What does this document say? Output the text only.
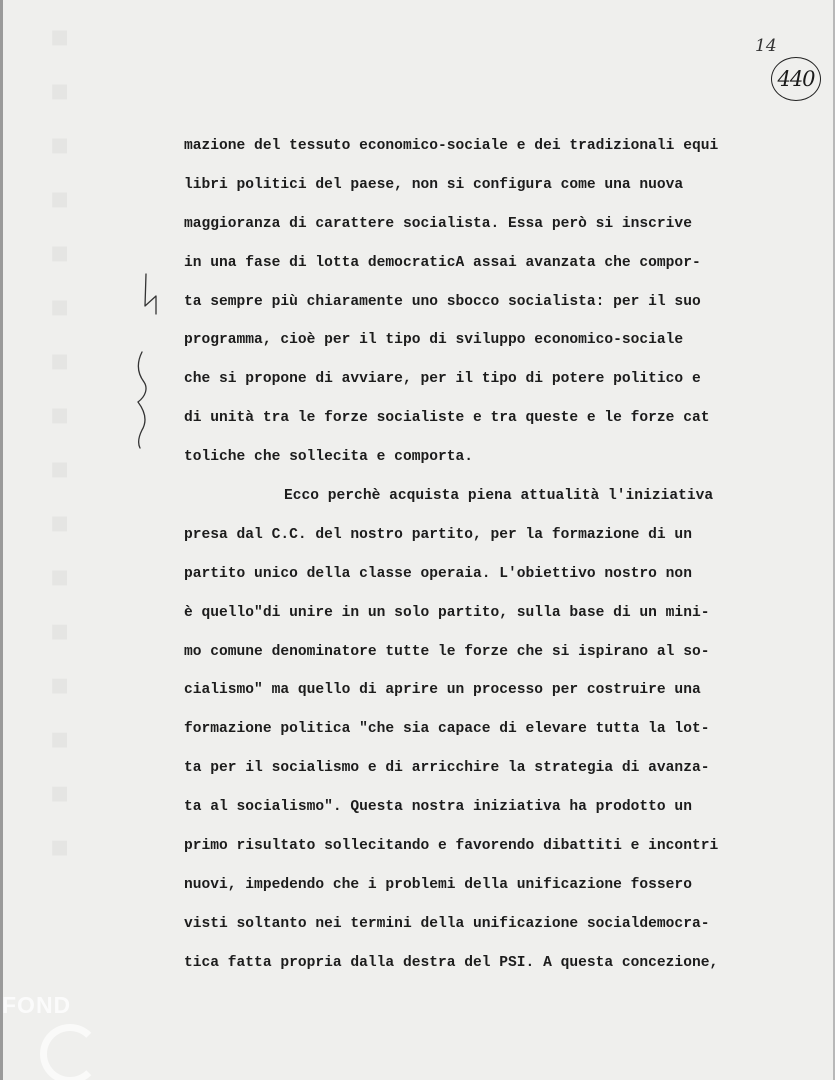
14
440
mazione del tessuto economico-sociale e dei tradizionali equi
libri politici del paese, non si configura come una nuova
maggioranza di carattere socialista. Essa però si inscrive
in una fase di lotta democraticA assai avanzata che compor-
ta sempre più chiaramente uno sbocco socialista: per il suo
programma, cioè per il tipo di sviluppo economico-sociale
che si propone di avviare, per il tipo di potere politico e
di unità tra le forze socialiste e tra queste e le forze cat
toliche che sollecita e comporta.
Ecco perchè acquista piena attualità l'iniziativa
presa dal C.C. del nostro partito, per la formazione di un
partito unico della classe operaia. L'obiettivo nostro non
è quello"di unire in un solo partito, sulla base di un mini-
mo comune denominatore tutte le forze che si ispirano al so-
cialismo" ma quello di aprire un processo per costruire una
formazione politica "che sia capace di elevare tutta la lot-
ta per il socialismo e di arricchire la strategia di avanza-
ta al socialismo". Questa nostra iniziativa ha prodotto un
primo risultato sollecitando e favorendo dibattiti e incontri
nuovi, impedendo che i problemi della unificazione fossero
visti soltanto nei termini della unificazione socialdemocra-
tica fatta propria dalla destra del PSI. A questa concezione,
FOND
